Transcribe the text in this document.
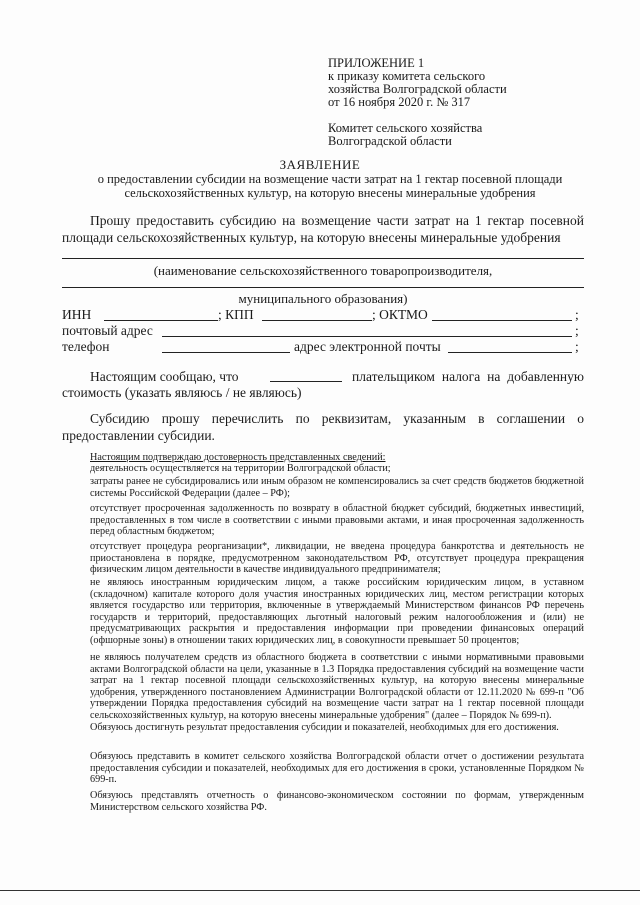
ПРИЛОЖЕНИЕ 1
к приказу комитета сельского
хозяйства Волгоградской области
от 16 ноября 2020 г. № 317
Комитет сельского хозяйства
Волгоградской области
ЗАЯВЛЕНИЕ
о предоставлении субсидии на возмещение части затрат на 1 гектар посевной площади
сельскохозяйственных культур, на которую внесены минеральные удобрения
Прошу предоставить субсидию на возмещение части затрат на 1 гектар посевной площади сельскохозяйственных культур, на которую внесены минеральные удобрения
(наименование сельскохозяйственного товаропроизводителя,
муниципального образования)
ИНН	; КПП	; ОКТМО	;
почтовый адрес	;
телефон	адрес электронной почты	;
Настоящим сообщаю, что	плательщиком налога на добавленную
стоимость (указать являюсь / не являюсь)
Субсидию прошу перечислить по реквизитам, указанным в соглашении о предоставлении субсидии.
Настоящим подтверждаю достоверность представленных сведений:
деятельность осуществляется на территории Волгоградской области;
затраты ранее не субсидировались или иным образом не компенсировались за счет средств бюджетов бюджетной системы Российской Федерации (далее – РФ);
отсутствует просроченная задолженность по возврату в областной бюджет субсидий, бюджетных инвестиций, предоставленных в том числе в соответствии с иными правовыми актами, и иная просроченная задолженность перед областным бюджетом;
отсутствует процедура реорганизации*, ликвидации, не введена процедура банкротства и деятельность не приостановлена в порядке, предусмотренном законодательством РФ, отсутствует процедура прекращения физическим лицом деятельности в качестве индивидуального предпринимателя;
не являюсь иностранным юридическим лицом, а также российским юридическим лицом, в уставном (складочном) капитале которого доля участия иностранных юридических лиц, местом регистрации которых является государство или территория, включенные в утверждаемый Министерством финансов РФ перечень государств и территорий, предоставляющих льготный налоговый режим налогообложения и (или) не предусматривающих раскрытия и предоставления информации при проведении финансовых операций (офшорные зоны) в отношении таких юридических лиц, в совокупности превышает 50 процентов;
не являюсь получателем средств из областного бюджета в соответствии с иными нормативными правовыми актами Волгоградской области на цели, указанные в 1.3 Порядка предоставления субсидий на возмещение части затрат на 1 гектар посевной площади сельскохозяйственных культур, на которую внесены минеральные удобрения, утвержденного постановлением Администрации Волгоградской области от 12.11.2020 № 699-п "Об утверждении Порядка предоставления субсидий на возмещение части затрат на 1 гектар посевной площади сельскохозяйственных культур, на которую внесены минеральные удобрения" (далее – Порядок № 699-п).
Обязуюсь достигнуть результат предоставления субсидии и показателей, необходимых для его достижения.
Обязуюсь представить в комитет сельского хозяйства Волгоградской области отчет о достижении результата предоставления субсидии и показателей, необходимых для его достижения в сроки, установленные Порядком № 699-п.
Обязуюсь представлять отчетность о финансово-экономическом состоянии по формам, утвержденным Министерством сельского хозяйства РФ.
